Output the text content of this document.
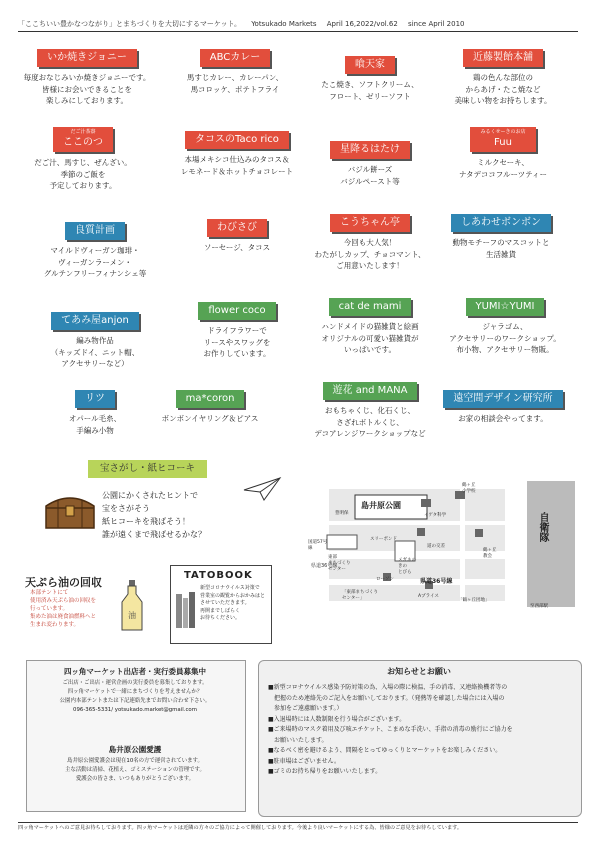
「ここちいい豊かなつながり」とまちづくりを大切にするマーケット。 Yotsukado Markets April 16,2022/vol.62 since April 2010
いか焼きジョニー
毎度おなじみいか焼きジョニーです。
皆様にお会いできることを
楽しみにしております。
ABCカレー
馬すじカレー、カレーパン、
馬コロッケ、ポテトフライ
喰天家
たこ焼き、ソフトクリーム、
フロート、ゼリーソフト
近藤製飴本舗
鶏の色んな部位の
からあげ・たこ焼など
美味しい物をお持ちします。
だご汁茶寮
ここのつ
だご汁、馬すじ、ぜんざい。
季節のご飯を
予定しております。
タコスのTaco rico
本場メキシコ仕込みのタコス＆
レモネード＆ホットチョコレート
星降るはたけ
バジル餅ーズ
バジルペースト等
みるくせーきのお店
Fuu
ミルクセーキ、
ナタデココフルーツティー
良質計画
マイルドヴィーガン珈琲・
ヴィーガンラーメン・
グルテンフリーフィナンシェ等
わびさび
ソーセージ、タコス
こうちゃん亭
今回も大人気！
わたがしカップ、チョコマント、
ご用意いたします！
しあわせボンボン
動物モチーフのマスコットと
生活雑貨
てあみ屋anjon
編み物作品
（キッズドイ、ニット帽、
アクセサリーなど）
flower coco
ドライフラワーで
リースやスワッグを
お作りしています。
cat de mami
ハンドメイドの猫雑貨と絵画
オリジナルの可愛い猫雑貨が
いっぱいです。
YUMI☆YUMI
ジャラゴム、
アクセサリーのワークショップ。
布小物、アクセサリー物販。
リツ
オパール毛糸、
手編み小物
ma*coron
ボンボンイヤリング＆ピアス
遊花 and MANA
おもちゃくじ、化石くじ、
さざれボトルくじ、
デコアレンジワークショップなど
遠空間デザイン研究所
お家の相談会やってます。
宝さがし・紙ヒコーキ
公園にかくされたヒントで
宝をさがそう
紙ヒコーキを飛ばそう！
誰が遠くまで飛ばせるかな？
天ぷら油の回収
本部テントにて
使用済み天ぷら油の回収を
行っています。
集めた油は廃食油燃料へと
生まれ変わります。
油
TATOBOOK
新型コロナウイルス対策で
営業室の観覧からおかみはと
させていただきます。
再開までしばらく
お待ちください。
県道36号線
島井原公園
自衛隊
鶴ヶ丘
小学校
イゲタ科学
豊明保
スリーポンド
道の交差
鶴ヶ丘
教会
東部
まちづくり
センター
メガネの
きの
とびら
ローソン	県道36号線
Aプライス
「東部まちづくり
センター」	「鶴ヶ丘団地」
国道57号
線
至西部駅
四ッ角マーケット出店者・実行委員募集中
ご出店・ご出店・運営企画の実行委員を募集しております。
四ッ角マーケットで一緒にまちづくりを考えませんか？
公園内本部テントまたは下記連絡先までお問い合わせ下さい。
096-365-5331/ yotsukado.market@gmail.com
島井原公園愛護
島井原公園愛護会は現在10名の方で運営されています。
主な活動は清掃、花植え、ゴミステーションの管理です。
愛護会の皆さま、いつもありがとうございます。
お知らせとお願い
■新型コロナウイルス感染予防対策の為、入場の際に検温、手の消毒、又連絡換機者等の
　把握のため連絡先のご記入をお願いしております。（発熱等を確認した場合には入場の
　参加をご遠慮願います。）
■入退場時には人数制限を行う場合がございます。
■ご来場時のマスク着用及び咳エチケット、こまめな手洗い、手指の消毒の励行にご協力を
　お願いいたします。
■なるべく密を避けるよう、間隔をとってゆっくりとマーケットをお楽しみください。
■駐車場はございません。
■ゴミのお持ち帰りをお願いいたします。
四ッ角マーケットへのご意見お待ちしております。四ッ角マーケットは近隣の方々のご協力によって開催しております。今後より良いマーケットにする為、皆様のご意見をお待ちしています。
